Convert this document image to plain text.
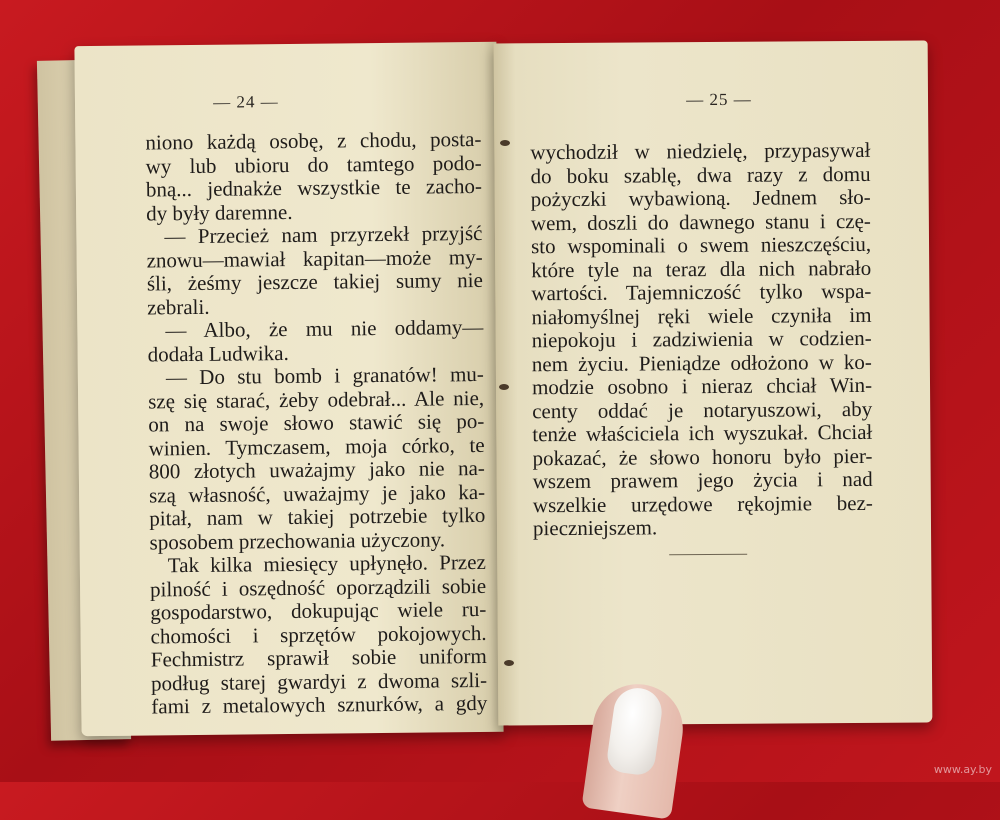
— 24 —
niono każdą osobę, z chodu, posta-
wy lub ubioru do tamtego podo-
bną... jednakże wszystkie te zacho-
dy były daremne.
— Przecież nam przyrzekł przyjść
znowu—mawiał kapitan—może my-
śli, żeśmy jeszcze takiej sumy nie
zebrali.
— Albo, że mu nie oddamy—
dodała Ludwika.
— Do stu bomb i granatów! mu-
szę się starać, żeby odebrał... Ale nie,
on na swoje słowo stawić się po-
winien. Tymczasem, moja córko, te
800 złotych uważajmy jako nie na-
szą własność, uważajmy je jako ka-
pitał, nam w takiej potrzebie tylko
sposobem przechowania użyczony.
Tak kilka miesięcy upłynęło. Przez
pilność i oszędność oporządzili sobie
gospodarstwo, dokupując wiele ru-
chomości i sprzętów pokojowych.
Fechmistrz sprawił sobie uniform
podług starej gwardyi z dwoma szli-
fami z metalowych sznurków, a gdy
— 25 —
wychodził w niedzielę, przypasywał
do boku szablę, dwa razy z domu
pożyczki wybawioną. Jednem sło-
wem, doszli do dawnego stanu i czę-
sto wspominali o swem nieszczęściu,
które tyle na teraz dla nich nabrało
wartości. Tajemniczość tylko wspa-
niałomyślnej ręki wiele czyniła im
niepokoju i zadziwienia w codzien-
nem życiu. Pieniądze odłożono w ko-
modzie osobno i nieraz chciał Win-
centy oddać je notaryuszowi, aby
tenże właściciela ich wyszukał. Chciał
pokazać, że słowo honoru było pier-
wszem prawem jego życia i nad
wszelkie urzędowe rękojmie bez-
pieczniejszem.
www.ay.by
